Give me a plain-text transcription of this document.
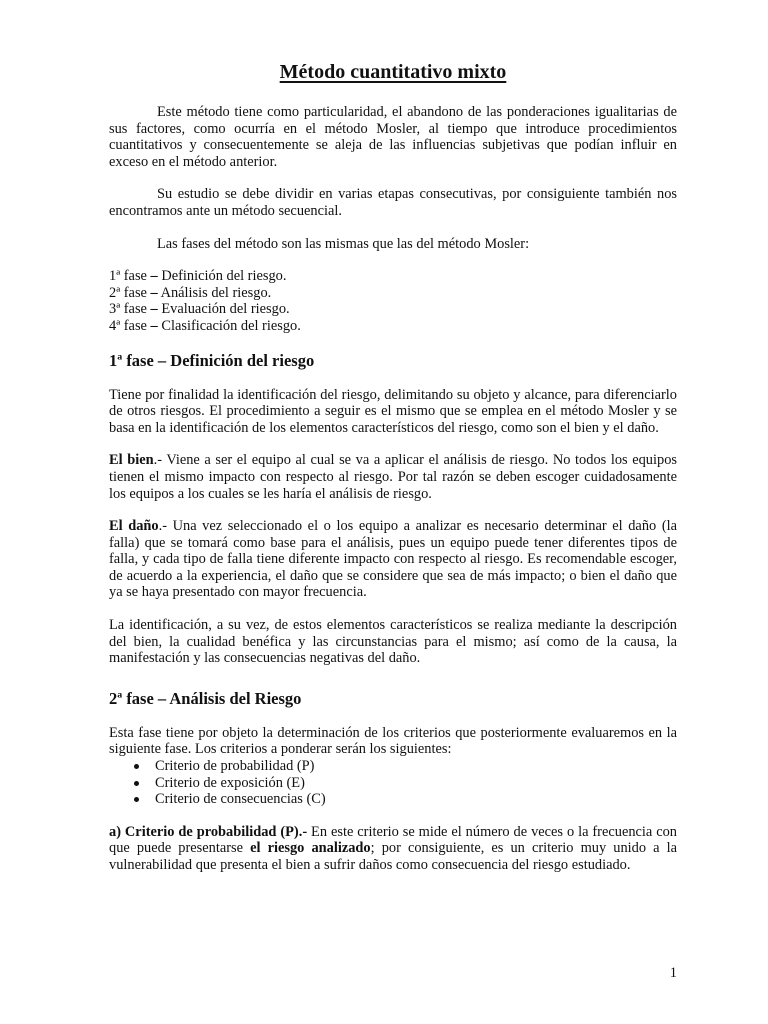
Método cuantitativo mixto

Este método tiene como particularidad, el abandono de las ponderaciones igualitarias de sus factores, como ocurría en el método Mosler, al tiempo que introduce procedimientos cuantitativos y consecuentemente se aleja de las influencias subjetivas que podían influir en exceso en el método anterior.

Su estudio se debe dividir en varias etapas consecutivas, por consiguiente también nos encontramos ante un método secuencial.

Las fases del método son las mismas que las del método Mosler:

1ª fase – Definición del riesgo.
2ª fase – Análisis del riesgo.
3ª fase – Evaluación del riesgo.
4ª fase – Clasificación del riesgo.
1$^a$ fase – Definición del riesgo

Tiene por finalidad la identificación del riesgo, delimitando su objeto y alcance, para diferenciarlo de otros riesgos. El procedimiento a seguir es el mismo que se emplea en el método Mosler y se basa en la identificación de los elementos característicos del riesgo, como son el bien y el daño.

El bien.- Viene a ser el equipo al cual se va a aplicar el análisis de riesgo. No todos los equipos tienen el mismo impacto con respecto al riesgo. Por tal razón se deben escoger cuidadosamente los equipos a los cuales se les haría el análisis de riesgo.

El daño.- Una vez seleccionado el o los equipo a analizar es necesario determinar el daño (la falla) que se tomará como base para el análisis, pues un equipo puede tener diferentes tipos de falla, y cada tipo de falla tiene diferente impacto con respecto al riesgo. Es recomendable escoger, de acuerdo a la experiencia, el daño que se considere que sea de más impacto; o bien el daño que ya se haya presentado con mayor frecuencia.

La identificación, a su vez, de estos elementos característicos se realiza mediante la descripción del bien, la cualidad benéfica y las circunstancias para el mismo; así como de la causa, la manifestación y las consecuencias negativas del daño.

2$^a$ fase – Análisis del Riesgo

Esta fase tiene por objeto la determinación de los criterios que posteriormente evaluaremos en la siguiente fase. Los criterios a ponderar serán los siguientes:

Criterio de probabilidad (P)
Criterio de exposición (E)
Criterio de consecuencias (C)

a) Criterio de probabilidad (P).- En este criterio se mide el número de veces o la frecuencia con que puede presentarse el riesgo analizado; por consiguiente, es un criterio muy unido a la vulnerabilidad que presenta el bien a sufrir daños como consecuencia del riesgo estudiado.

1
